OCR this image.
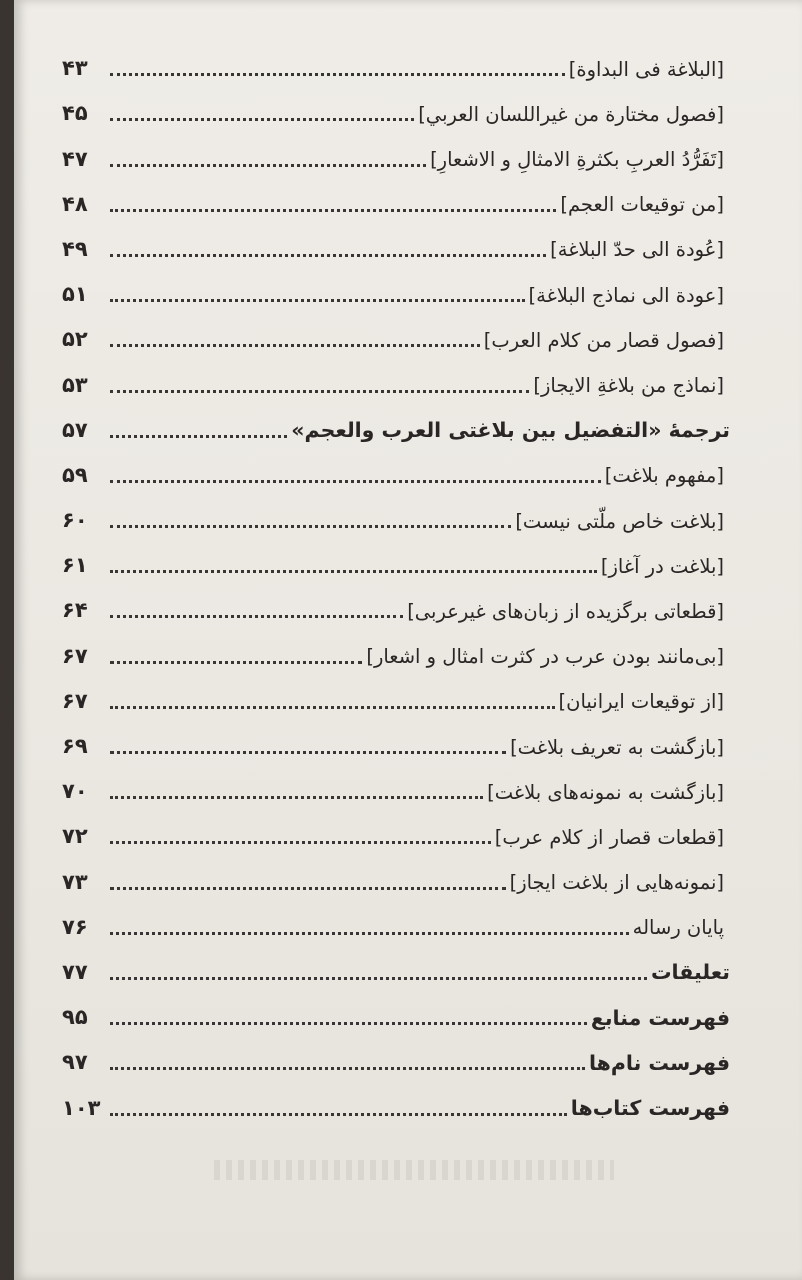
[البلاغة فی البداوة]
۴۳
[فصول مختارة من غيراللسان العربي]
۴۵
[تَفَرُّدُ العربِ بكثرةِ الامثالِ و الاشعارِ]
۴۷
[من توقيعات العجم]
۴۸
[عُودة الى حدّ البلاغة]
۴۹
[عودة الى نماذج البلاغة]
۵۱
[فصول قصار من كلام العرب]
۵۲
[نماذج من بلاغةِ الايجاز]
۵۳
ترجمهٔ «التفضيل بين بلاغتى العرب والعجم»
۵۷
[مفهوم بلاغت]
۵۹
[بلاغت خاص ملّتی نیست]
۶۰
[بلاغت در آغاز]
۶۱
[قطعاتی برگزیده از زبان‌های غیرعربی]
۶۴
[بی‌مانند بودن عرب در کثرت امثال و اشعار]
۶۷
[از توقیعات ایرانیان]
۶۷
[بازگشت به تعریف بلاغت]
۶۹
[بازگشت به نمونه‌های بلاغت]
۷۰
[قطعات قصار از کلام عرب]
۷۲
[نمونه‌هایی از بلاغت ایجاز]
۷۳
پایان رساله
۷۶
تعلیقات
۷۷
فهرست منابع
۹۵
فهرست نام‌ها
۹۷
فهرست کتاب‌ها
۱۰۳
